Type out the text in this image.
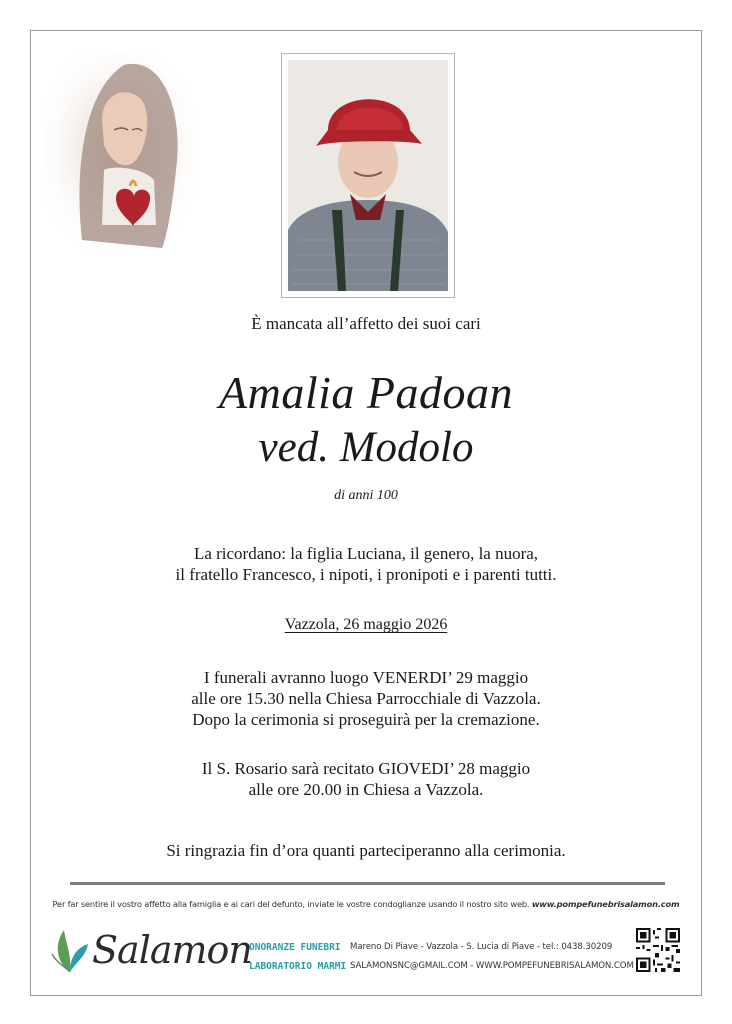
È mancata all’affetto dei suoi cari
Amalia Padoan
ved. Modolo
di anni 100
La ricordano: la figlia Luciana, il genero, la nuora,
il fratello Francesco, i nipoti, i pronipoti e i parenti tutti.
Vazzola, 26 maggio 2026
I funerali avranno luogo VENERDI’ 29 maggio
alle ore 15.30 nella Chiesa Parrocchiale di Vazzola.
Dopo la cerimonia si proseguirà per la cremazione.
Il S. Rosario sarà recitato GIOVEDI’ 28 maggio
alle ore 20.00 in Chiesa a Vazzola.
Si ringrazia fin d’ora quanti parteciperanno alla cerimonia.
Per far sentire il vostro affetto alla famiglia e ai cari del defunto, inviate le vostre condoglianze usando il nostro sito web. www.pompefunebrisalamon.com
Salamon
ONORANZE FUNEBRI
LABORATORIO MARMI
Mareno Di Piave - Vazzola - S. Lucia di Piave - tel.: 0438.30209
SALAMONSNC@GMAIL.COM - WWW.POMPEFUNEBRISALAMON.COM
